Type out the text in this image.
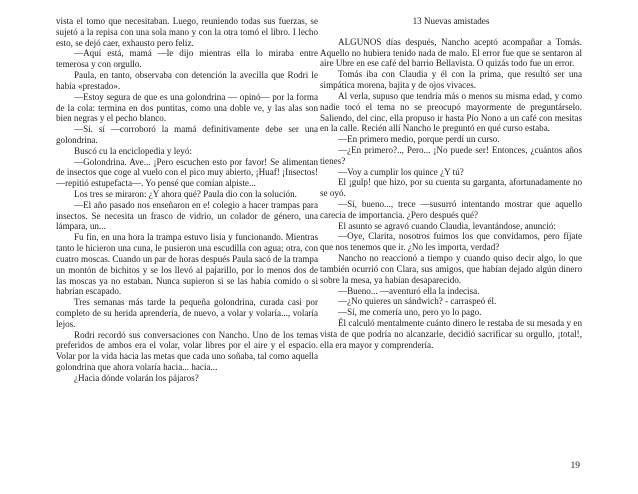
vista el tomo que necesitaban. Luego, reuniendo todas sus fuerzas, se sujetó a la repisa con una sola mano y con la otra tomó el libro. I lecho esto, se dejó caer, exhausto pero feliz.

—Aquí está, mamá —le dijo mientras ella lo miraba entre temerosa y con orgullo.

Paula, en tanto, observaba con detención la avecilla que Rodri le había «prestado».

—Estoy segura de que es una golondrina — opinó— por la forma de la cola: termina en dos puntitas, como una doble ve, y las alas son bien negras y el pecho blanco.

—Sí. sí —corroboró la mamá definitivamente debe ser una golondrina.

Buscó cu la enciclopedia y leyó:

—Golondrina. Ave... ¡Pero escuchen esto por favor! Se alimentan de insectos que coge al vuelo con el pico muy abierto, ¡Huaf! ¡Insectos! —repitió estupefacta—. Yo pensé que comían alpiste...

Los tres se miraron: ¿Y ahora qué? Paula dio con la solución.

—El año pasado nos enseñaron en e! colegio a hacer trampas para insectos. Se necesita un frasco de vidrio, un colador de género, una lámpara, un...

Fu fin, en una hora la trampa estuvo lisia y funcionando. Mientras tanto le hicieron una cuna, le pusieron una escudilla con agua; otra, con cuatro moscas. Cuando un par de horas después Paula sacó de la trampa un montón de bichitos y se los llevó al pajarillo, por lo menos dos de las moscas ya no estaban. Nunca supieron si se las había comido o si habrían escapado.

Tres semanas más tarde la pequeña golondrina, curada casi por completo de su herida aprendería, de nuevo, a volar y volaría..., volaría lejos.

Rodri recordó sus conversaciones con Nancho. Uno de los temas preferidos de ambos era el volar, volar libres por el aire y el espacio. Volar por la vida hacia las metas que cada uno soñaba, tal como aquella golondrina que ahora volaría hacia... hacia...

¿Hacia dónde volarán los pájaros?

13 Nuevas amistades

ALGUNOS días después, Nancho aceptó acompañar a Tomás. Aquello no hubiera tenido nada de malo. El error fue que se sentaron al aire Ubre en ese café del barrio Bellavista. O quizás todo fue un error.

Tomás iba con Claudia y él con la prima, que resultó ser una simpática morena, bajita y de ojos vivaces.

Al verla, supuso que tendría más o menos su misma edad, y como nadie tocó el tema no se preocupó mayormente de preguntárselo. Saliendo, del cinc, ella propuso ir hasta Pío Nono a un café con mesitas en la calle. Recién allí Nancho le preguntó en qué curso estaba.

—En primero medio, porque perdí un curso.

—¿En primero?.., Pero... ¡No puede ser! Entonces, ¿cuántos años tienes?

—Voy a cumplir los quince ¿Y tú?

El ¡gulp! que hizo, por su cuenta su garganta, afortunadamente no se oyó.

—Sí, bueno..., trece —susurró intentando mostrar que aquello carecía de importancia. ¿Pero después qué?

El asunto se agravó cuando Claudia, levantándose, anunció:

—Oye, Clarita, nosotros fuimos los que convidamos, pero fíjate que nos tenemos que ir. ¿No les importa, verdad?

Nancho no reaccionó a tiempo y cuando quiso decir algo, lo que también ocurrió con Clara, sus amigos, que habían dejado algún dinero sobre la mesa, ya habían desaparecido.

—Bueno... —aventuró ella la indecisa.

—¿No quieres un sándwich? - carraspeó él.

—Sí, me comería uno, pero yo lo pago.

Él calculó mentalmente cuánto dinero le restaba de su mesada y en vista de que podría no alcanzarle, decidió sacrificar su orgullo, ¡total!, ella era mayor y comprendería.

19
